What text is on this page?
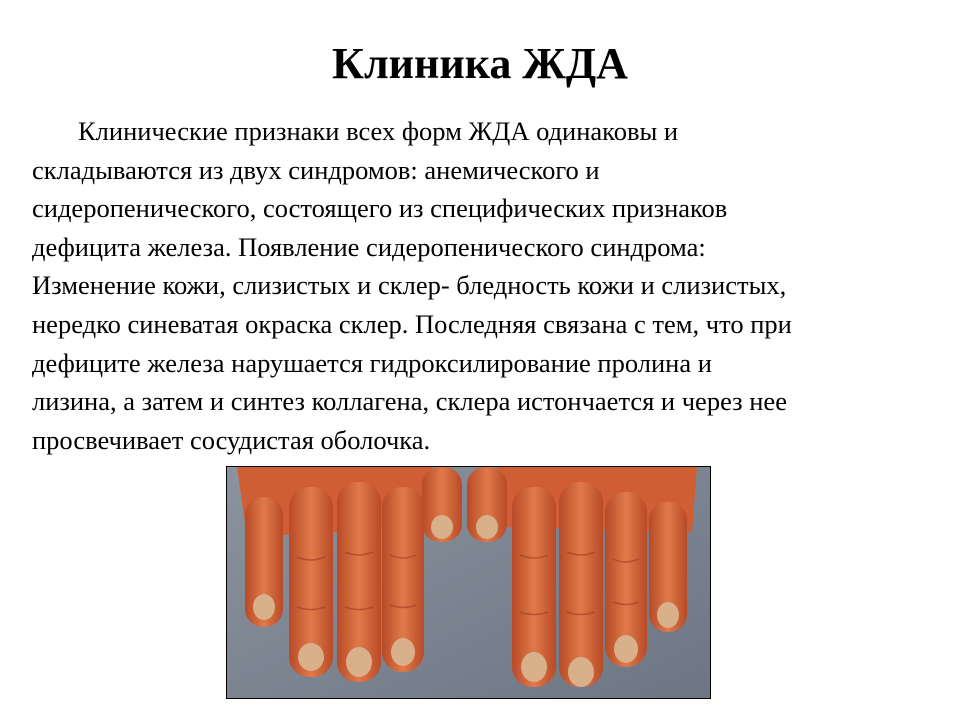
Клиника ЖДА

Клинические признаки всех форм ЖДА одинаковы и
складываются из двух синдромов: анемического и
сидеропенического, состоящего из специфических признаков
дефицита железа. Появление сидеропенического синдрома:
Изменение кожи, слизистых и склер- бледность кожи и слизистых,
нередко синеватая окраска склер. Последняя связана с тем, что при
дефиците железа нарушается гидроксилирование пролина и
лизина, а затем и синтез коллагена, склера истончается и через нее
просвечивает сосудистая оболочка.
